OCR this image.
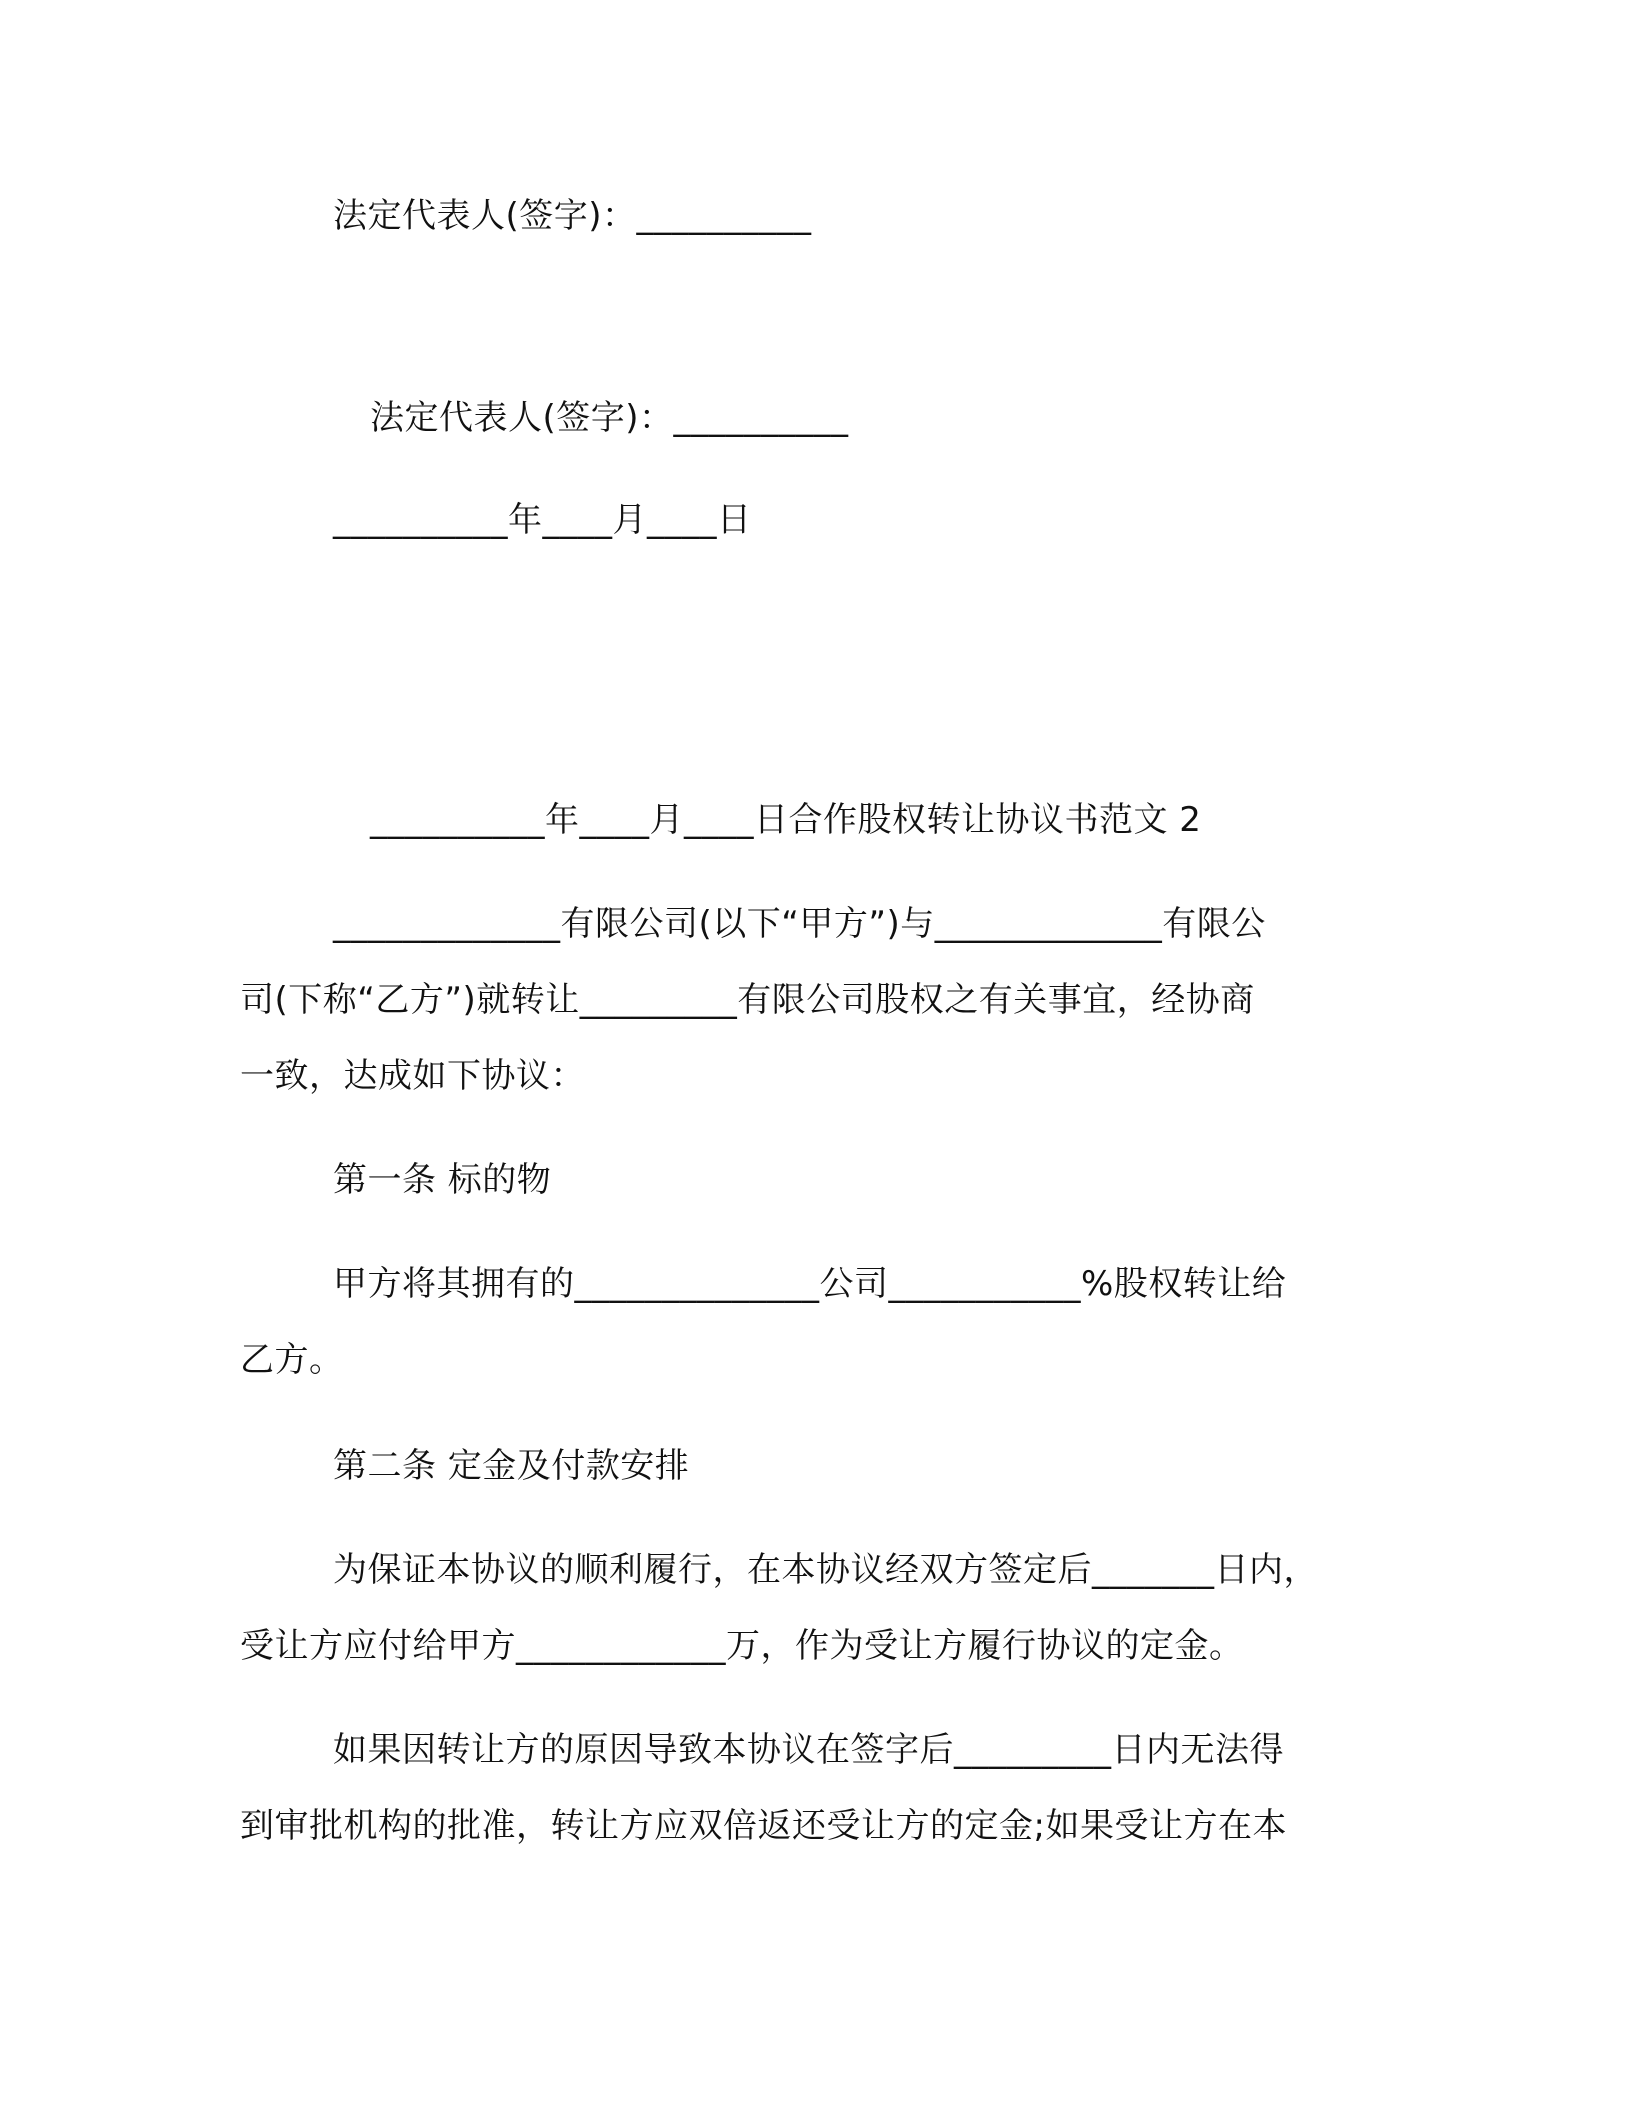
法定代表人(签字)：__________
法定代表人(签字)：__________
__________年____月____日
__________年____月____日合作股权转让协议书范文 2
_____________有限公司(以下“甲方”)与_____________有限公
司(下称“乙方”)就转让_________有限公司股权之有关事宜，经协商
一致，达成如下协议：
第一条 标的物
甲方将其拥有的______________公司___________%股权转让给
乙方。
第二条 定金及付款安排
为保证本协议的顺利履行，在本协议经双方签定后_______日内，
受让方应付给甲方____________万，作为受让方履行协议的定金。
如果因转让方的原因导致本协议在签字后_________日内无法得
到审批机构的批准，转让方应双倍返还受让方的定金;如果受让方在本
